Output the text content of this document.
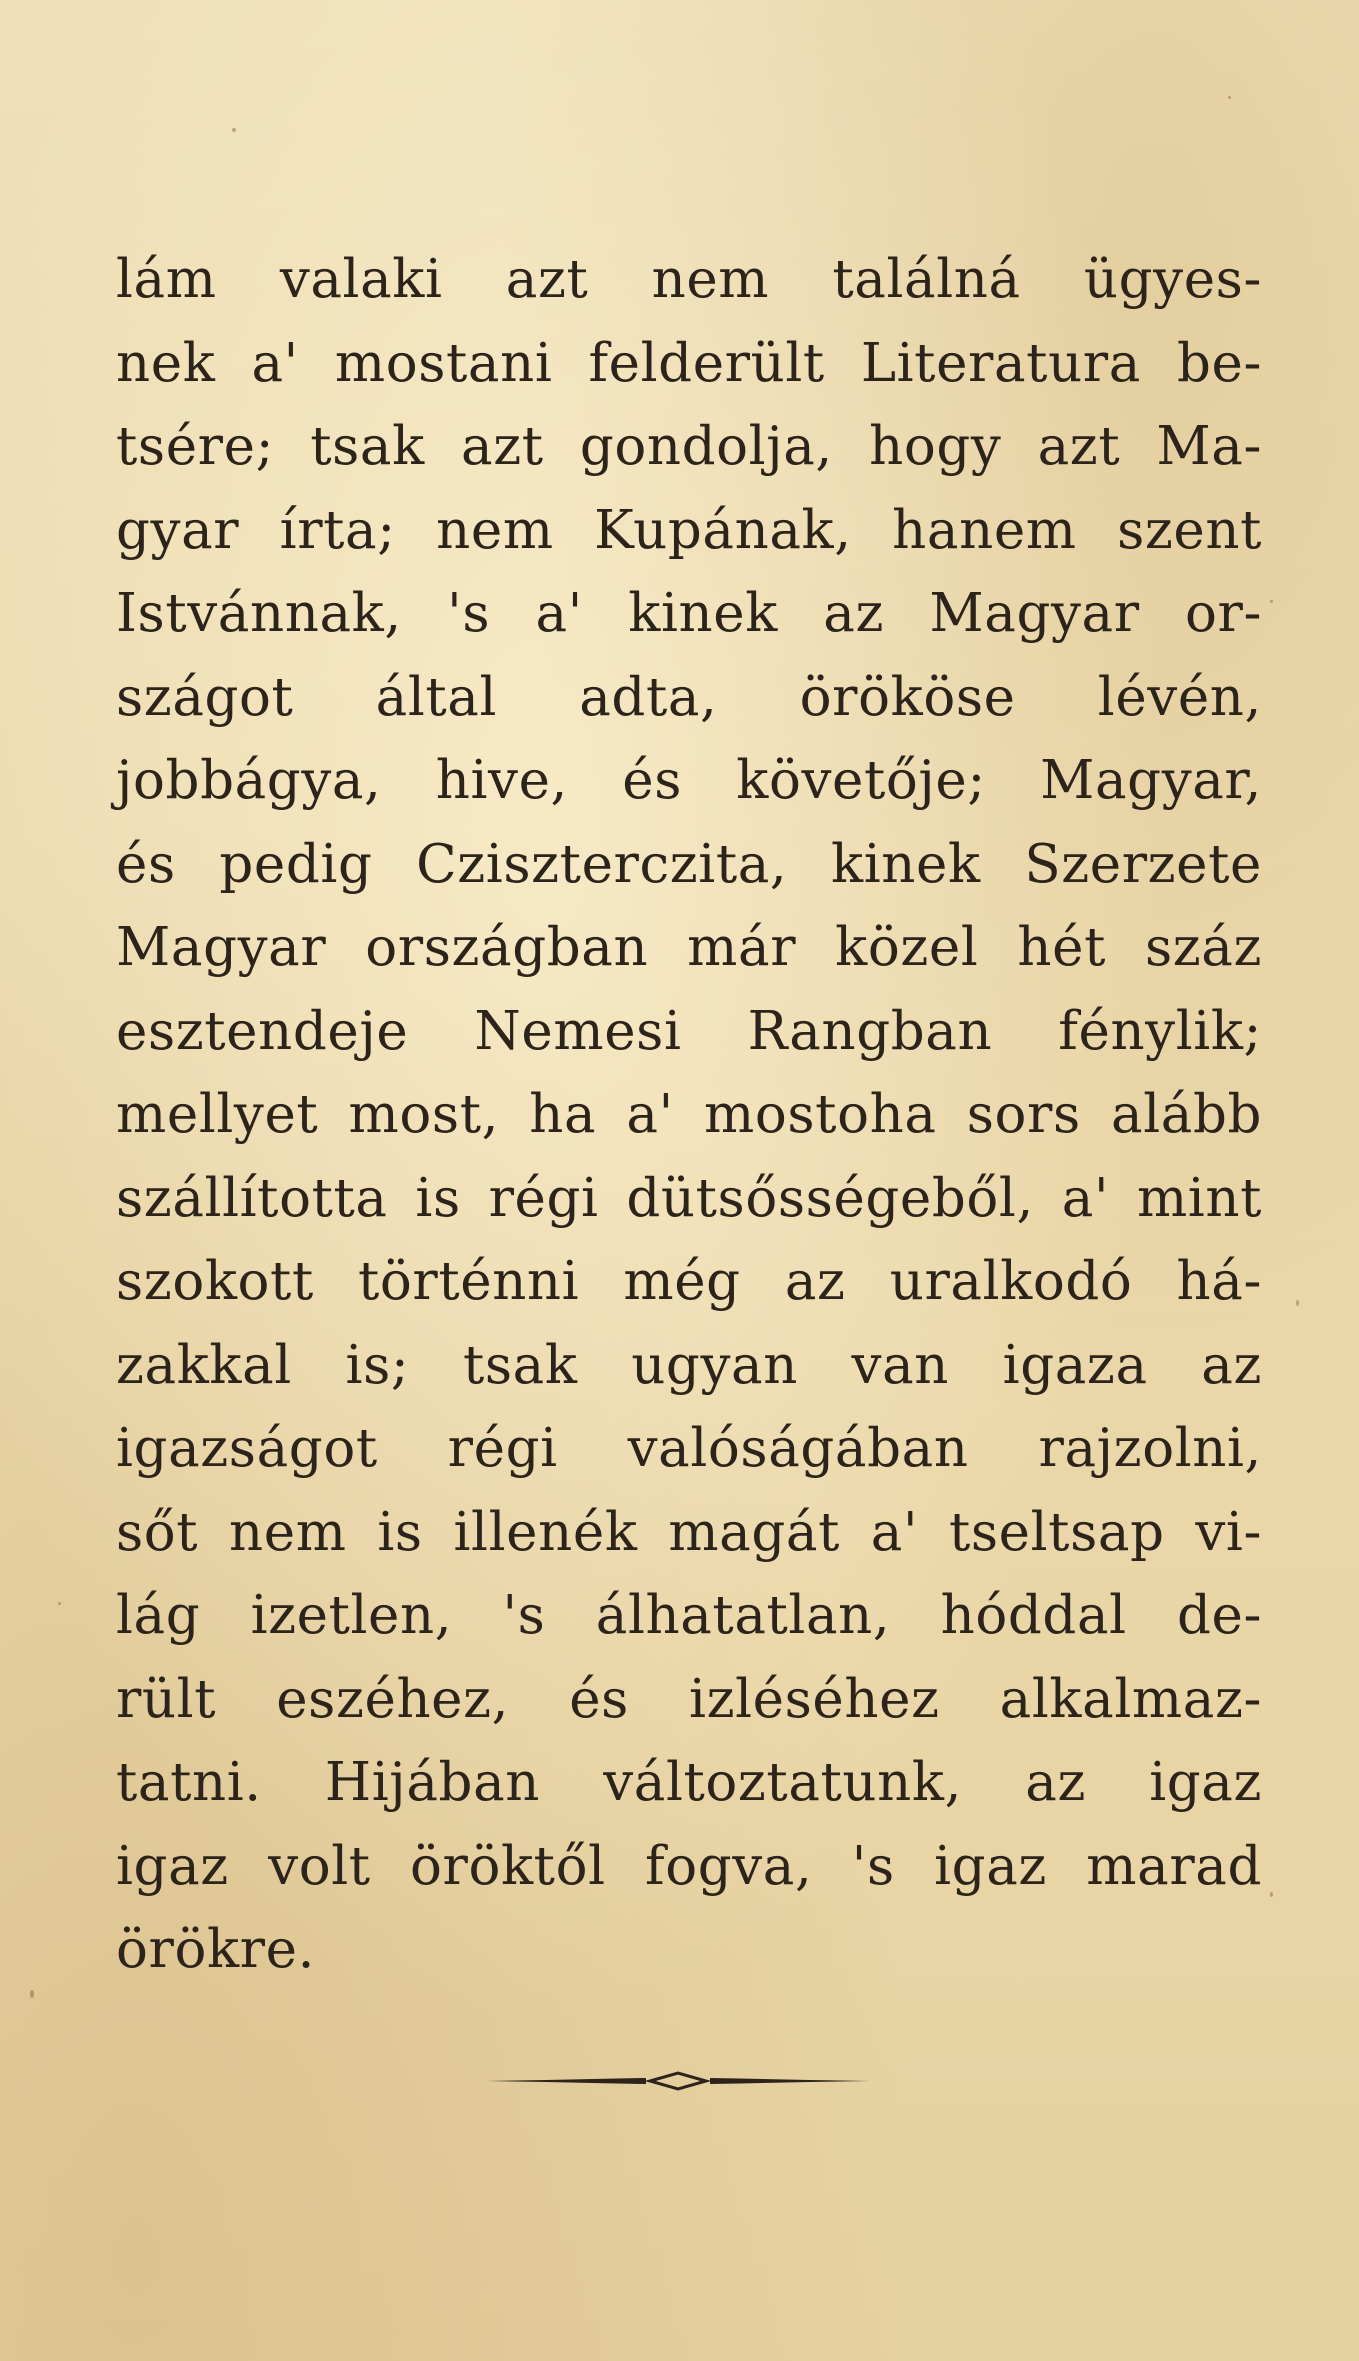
lám valaki azt nem találná ügyes-
nek a' mostani felderült Literatura be-
tsére; tsak azt gondolja, hogy azt Ma-
gyar írta; nem Kupának, hanem szent
Istvánnak, 's a' kinek az Magyar or-
szágot által adta, örököse lévén,
jobbágya, hive, és követője; Magyar,
és pedig Cziszterczita, kinek Szerzete
Magyar országban már közel hét száz
esztendeje Nemesi Rangban fénylik;
mellyet most, ha a' mostoha sors alább
szállította is régi dütsősségeből, a' mint
szokott történni még az uralkodó há-
zakkal is; tsak ugyan van igaza az
igazságot régi valóságában rajzolni,
sőt nem is illenék magát a' tseltsap vi-
lág izetlen, 's álhatatlan, hóddal de-
rült eszéhez, és izléséhez alkalmaz-
tatni. Hijában változtatunk, az igaz
igaz volt öröktől fogva, 's igaz marad
örökre.
